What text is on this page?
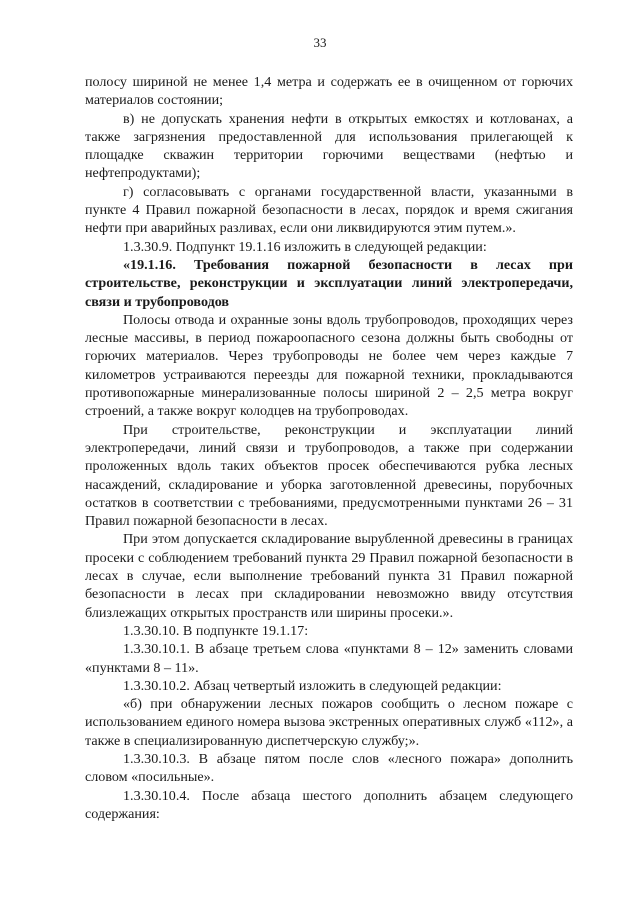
33

полосу шириной не менее 1,4 метра и содержать ее в очищенном от горючих материалов состоянии;

в) не допускать хранения нефти в открытых емкостях и котлованах, а также загрязнения предоставленной для использования прилегающей к площадке скважин территории горючими веществами (нефтью и нефтепродуктами);

г) согласовывать с органами государственной власти, указанными в пункте 4 Правил пожарной безопасности в лесах, порядок и время сжигания нефти при аварийных разливах, если они ликвидируются этим путем.».

1.3.30.9. Подпункт 19.1.16 изложить в следующей редакции:

«19.1.16. Требования пожарной безопасности в лесах при строительстве, реконструкции и эксплуатации линий электропередачи, связи и трубопроводов

Полосы отвода и охранные зоны вдоль трубопроводов, проходящих через лесные массивы, в период пожароопасного сезона должны быть свободны от горючих материалов. Через трубопроводы не более чем через каждые 7 километров устраиваются переезды для пожарной техники, прокладываются противопожарные минерализованные полосы шириной 2 – 2,5 метра вокруг строений, а также вокруг колодцев на трубопроводах.

При строительстве, реконструкции и эксплуатации линий электропередачи, линий связи и трубопроводов, а также при содержании проложенных вдоль таких объектов просек обеспечиваются рубка лесных насаждений, складирование и уборка заготовленной древесины, порубочных остатков в соответствии с требованиями, предусмотренными пунктами 26 – 31 Правил пожарной безопасности в лесах.

При этом допускается складирование вырубленной древесины в границах просеки с соблюдением требований пункта 29 Правил пожарной безопасности в лесах в случае, если выполнение требований пункта 31 Правил пожарной безопасности в лесах при складировании невозможно ввиду отсутствия близлежащих открытых пространств или ширины просеки.».

1.3.30.10. В подпункте 19.1.17:

1.3.30.10.1. В абзаце третьем слова «пунктами 8 – 12» заменить словами «пунктами 8 – 11».

1.3.30.10.2. Абзац четвертый изложить в следующей редакции:

«б) при обнаружении лесных пожаров сообщить о лесном пожаре с использованием единого номера вызова экстренных оперативных служб «112», а также в специализированную диспетчерскую службу;».

1.3.30.10.3. В абзаце пятом после слов «лесного пожара» дополнить словом «посильные».

1.3.30.10.4. После абзаца шестого дополнить абзацем следующего содержания:
